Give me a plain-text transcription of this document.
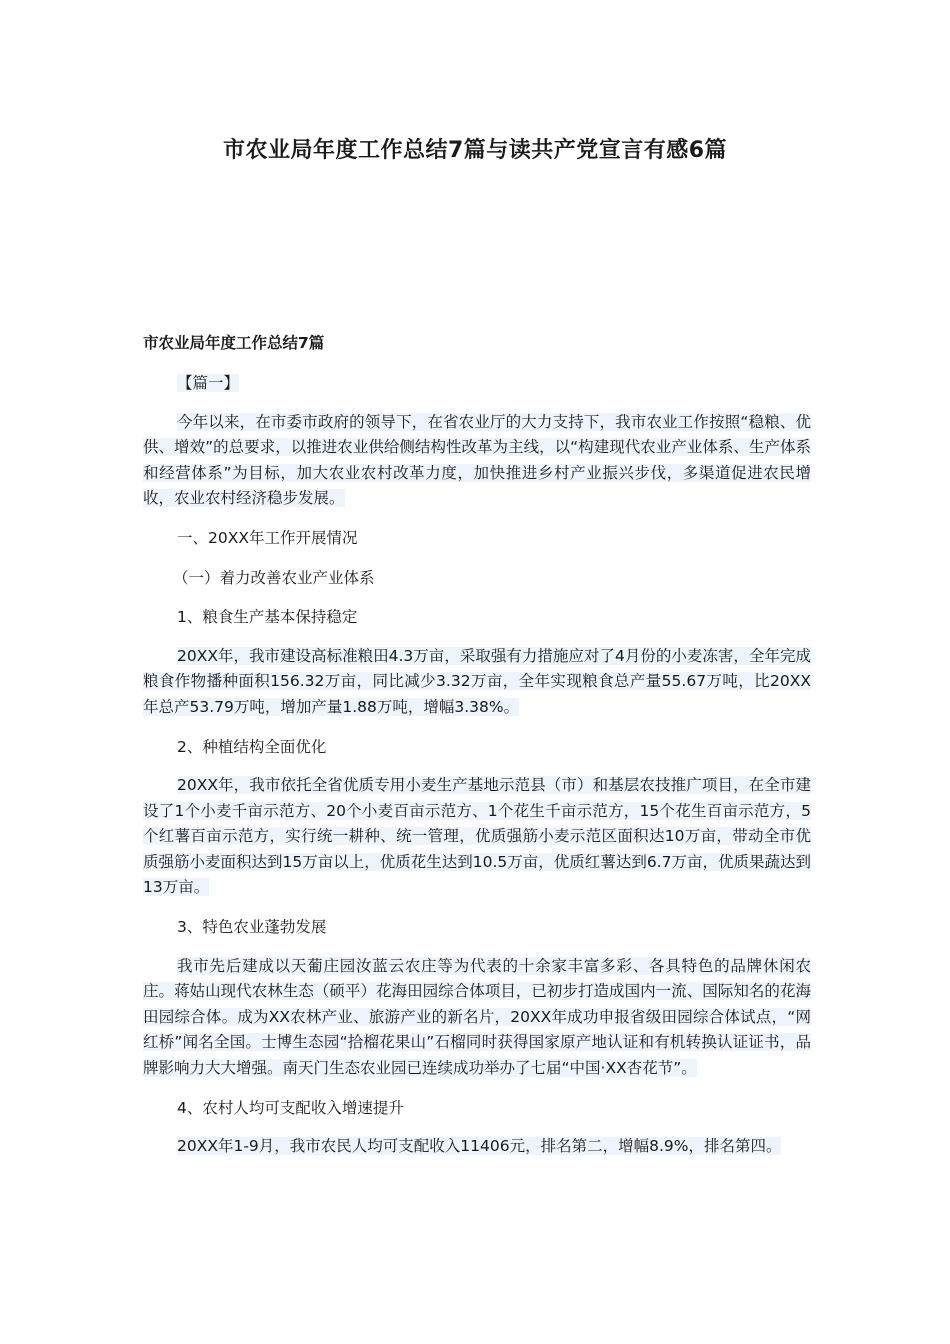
市农业局年度工作总结7篇与读共产党宣言有感6篇
市农业局年度工作总结7篇

【篇一】

今年以来，在市委市政府的领导下，在省农业厅的大力支持下，我市农业工作按照“稳粮、优供、增效”的总要求，以推进农业供给侧结构性改革为主线，以“构建现代农业产业体系、生产体系和经营体系”为目标，加大农业农村改革力度，加快推进乡村产业振兴步伐，多渠道促进农民增收，农业农村经济稳步发展。

一、20XX年工作开展情况

（一）着力改善农业产业体系

1、粮食生产基本保持稳定

20XX年，我市建设高标准粮田4.3万亩，采取强有力措施应对了4月份的小麦冻害，全年完成粮食作物播种面积156.32万亩，同比减少3.32万亩，全年实现粮食总产量55.67万吨，比20XX年总产53.79万吨，增加产量1.88万吨，增幅3.38%。

2、种植结构全面优化

20XX年，我市依托全省优质专用小麦生产基地示范县（市）和基层农技推广项目，在全市建设了1个小麦千亩示范方、20个小麦百亩示范方、1个花生千亩示范方，15个花生百亩示范方，5个红薯百亩示范方，实行统一耕种、统一管理，优质强筋小麦示范区面积达10万亩，带动全市优质强筋小麦面积达到15万亩以上，优质花生达到10.5万亩，优质红薯达到6.7万亩，优质果蔬达到13万亩。

3、特色农业蓬勃发展

我市先后建成以天葡庄园汝蓝云农庄等为代表的十余家丰富多彩、各具特色的品牌休闲农庄。蒋姑山现代农林生态（硕平）花海田园综合体项目，已初步打造成国内一流、国际知名的花海田园综合体。成为XX农林产业、旅游产业的新名片，20XX年成功申报省级田园综合体试点，“网红桥”闻名全国。士博生态园“拾榴花果山”石榴同时获得国家原产地认证和有机转换认证证书，品牌影响力大大增强。南天门生态农业园已连续成功举办了七届“中国·XX杏花节”。

4、农村人均可支配收入增速提升

20XX年1-9月，我市农民人均可支配收入11406元，排名第二，增幅8.9%，排名第四。
